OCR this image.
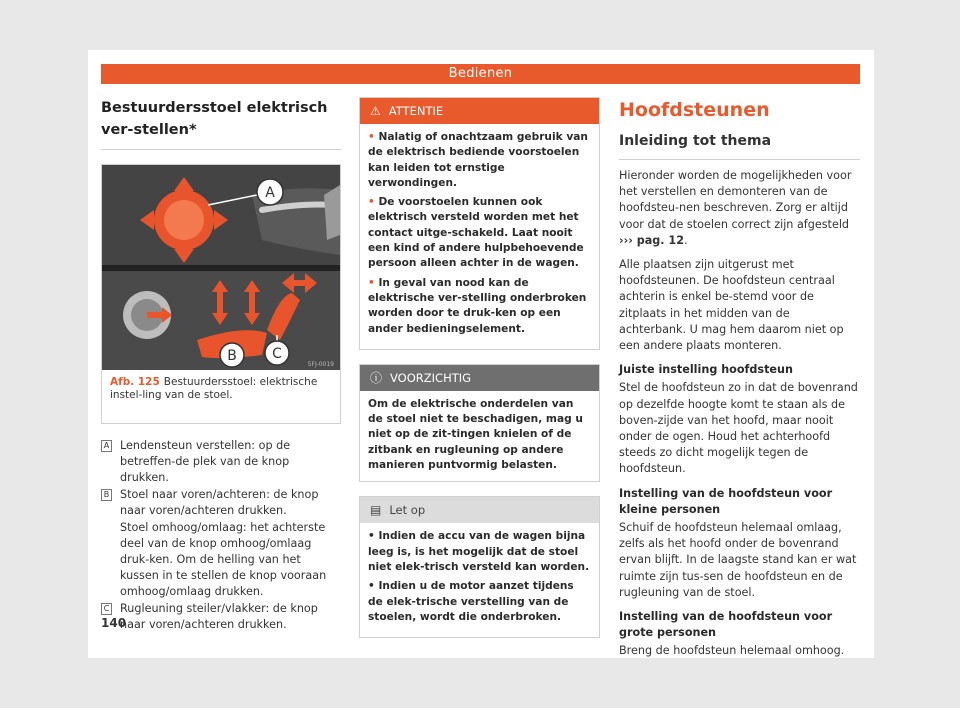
Bedienen
Bestuurdersstoel elektrisch ver-stellen*
A
B	C
5FJ-0019
Afb. 125 Bestuurdersstoel: elektrische instel-ling van de stoel.
A Lendensteun verstellen: op de betreffen-de plek van de knop drukken.
B Stoel naar voren/achteren: de knop naar voren/achteren drukken.
Stoel omhoog/omlaag: het achterste deel van de knop omhoog/omlaag druk-ken. Om de helling van het kussen in te stellen de knop vooraan omhoog/omlaag drukken.
C Rugleuning steiler/vlakker: de knop naar voren/achteren drukken.
⚠ ATTENTIE
• Nalatig of onachtzaam gebruik van de elektrisch bediende voorstoelen kan leiden tot ernstige verwondingen.
• De voorstoelen kunnen ook elektrisch versteld worden met het contact uitge-schakeld. Laat nooit een kind of andere hulpbehoevende persoon alleen achter in de wagen.
• In geval van nood kan de elektrische ver-stelling onderbroken worden door te druk-ken op een ander bedieningselement.
ⓘ VOORZICHTIG
Om de elektrische onderdelen van de stoel niet te beschadigen, mag u niet op de zit-tingen knielen of de zitbank en rugleuning op andere manieren puntvormig belasten.
▤ Let op
• Indien de accu van de wagen bijna leeg is, is het mogelijk dat de stoel niet elek-trisch versteld kan worden.
• Indien u de motor aanzet tijdens de elek-trische verstelling van de stoelen, wordt die onderbroken.
Hoofdsteunen
Inleiding tot thema
Hieronder worden de mogelijkheden voor het verstellen en demonteren van de hoofdsteu-nen beschreven. Zorg er altijd voor dat de stoelen correct zijn afgesteld ››› pag. 12.
Alle plaatsen zijn uitgerust met hoofdsteunen. De hoofdsteun centraal achterin is enkel be-stemd voor de zitplaats in het midden van de achterbank. U mag hem daarom niet op een andere plaats monteren.
Juiste instelling hoofdsteun
Stel de hoofdsteun zo in dat de bovenrand op dezelfde hoogte komt te staan als de boven-zijde van het hoofd, maar nooit onder de ogen. Houd het achterhoofd steeds zo dicht mogelijk tegen de hoofdsteun.
Instelling van de hoofdsteun voor kleine personen
Schuif de hoofdsteun helemaal omlaag, zelfs als het hoofd onder de bovenrand ervan blijft. In de laagste stand kan er wat ruimte zijn tus-sen de hoofdsteun en de rugleuning van de stoel.
Instelling van de hoofdsteun voor grote personen
Breng de hoofdsteun helemaal omhoog.
140
